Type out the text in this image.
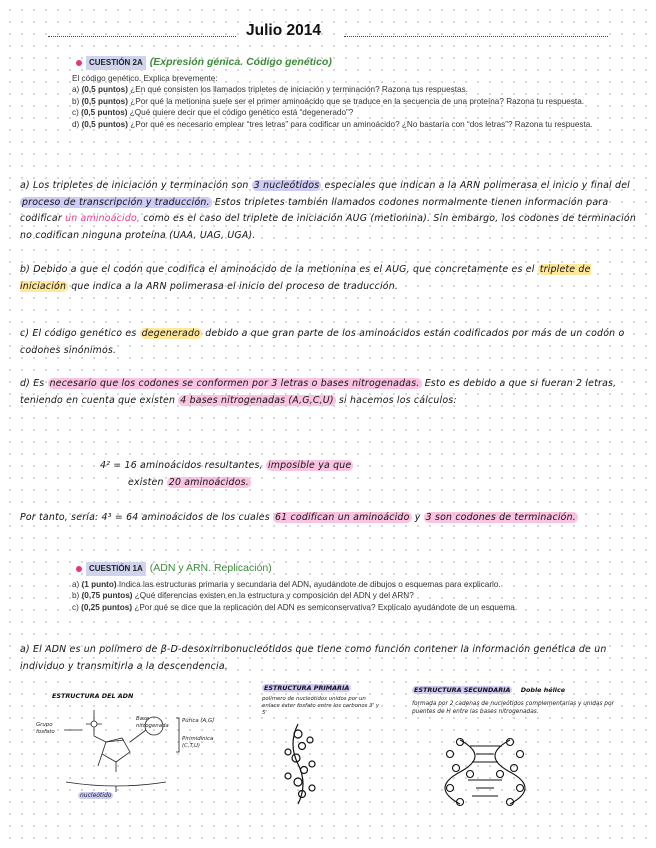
Julio 2014
CUESTIÓN 2A (Expresión génica. Código genético)
El código genético. Explica brevemente:
a) (0,5 puntos) ¿En qué consisten los llamados tripletes de iniciación y terminación? Razona tus respuestas.
b) (0,5 puntos) ¿Por qué la metionina suele ser el primer aminoácido que se traduce en la secuencia de una proteína? Razona tu respuesta.
c) (0,5 puntos) ¿Qué quiere decir que el código genético está “degenerado”?
d) (0,5 puntos) ¿Por qué es necesario emplear “tres letras” para codificar un aminoácido? ¿No bastaría con “dos letras”? Razona tu respuesta.
a) Los tripletes de iniciación y terminación son 3 nucleótidos especiales que indican a la ARN polimerasa el inicio y final del proceso de transcripción y traducción. Estos tripletes también llamados codones normalmente tienen información para codificar un aminoácido, como es el caso del triplete de iniciación AUG (metionina). Sin embargo, los codones de terminación no codifican ninguna proteína (UAA, UAG, UGA).
b) Debido a que el codón que codifica el aminoácido de la metionina es el AUG, que concretamente es el triplete de iniciación que indica a la ARN polimerasa el inicio del proceso de traducción.
c) El código genético es degenerado debido a que gran parte de los aminoácidos están codificados por más de un codón o codones sinónimos.
d) Es necesario que los codones se conformen por 3 letras o bases nitrogenadas. Esto es debido a que si fueran 2 letras, teniendo en cuenta que existen 4 bases nitrogenadas (A,G,C,U) si hacemos los cálculos:
4² = 16 aminoácidos resultantes, imposible ya que
existen 20 aminoácidos.
Por tanto, sería: 4³ = 64 aminoácidos de los cuales 61 codifican un aminoácido y 3 son codones de terminación.
CUESTIÓN 1A (ADN y ARN. Replicación)
a) (1 punto) Indica las estructuras primaria y secundaria del ADN, ayudándote de dibujos o esquemas para explicarlo.
b) (0,75 puntos) ¿Qué diferencias existen en la estructura y composición del ADN y del ARN?
c) (0,25 puntos) ¿Por qué se dice que la replicación del ADN es semiconservativa? Explícalo ayudándote de un esquema.
a) El ADN es un polímero de β-D-desoxirribonucleótidos que tiene como función contener la información genética de un individuo y transmitirla a la descendencia.
ESTRUCTURA DEL ADN
Grupo fosfato
Base nitrogenada
Púrica (A,G)
Pirimidínica (C,T,U)
nucleótido
ESTRUCTURA PRIMARIA
polímero de nucleótidos unidos por un enlace éster fosfato entre los carbonos 3' y 5'
ESTRUCTURA SECUNDARIA Doble hélice
formada por 2 cadenas de nucleótidos complementarias y unidas por puentes de H entre las bases nitrogenadas.
